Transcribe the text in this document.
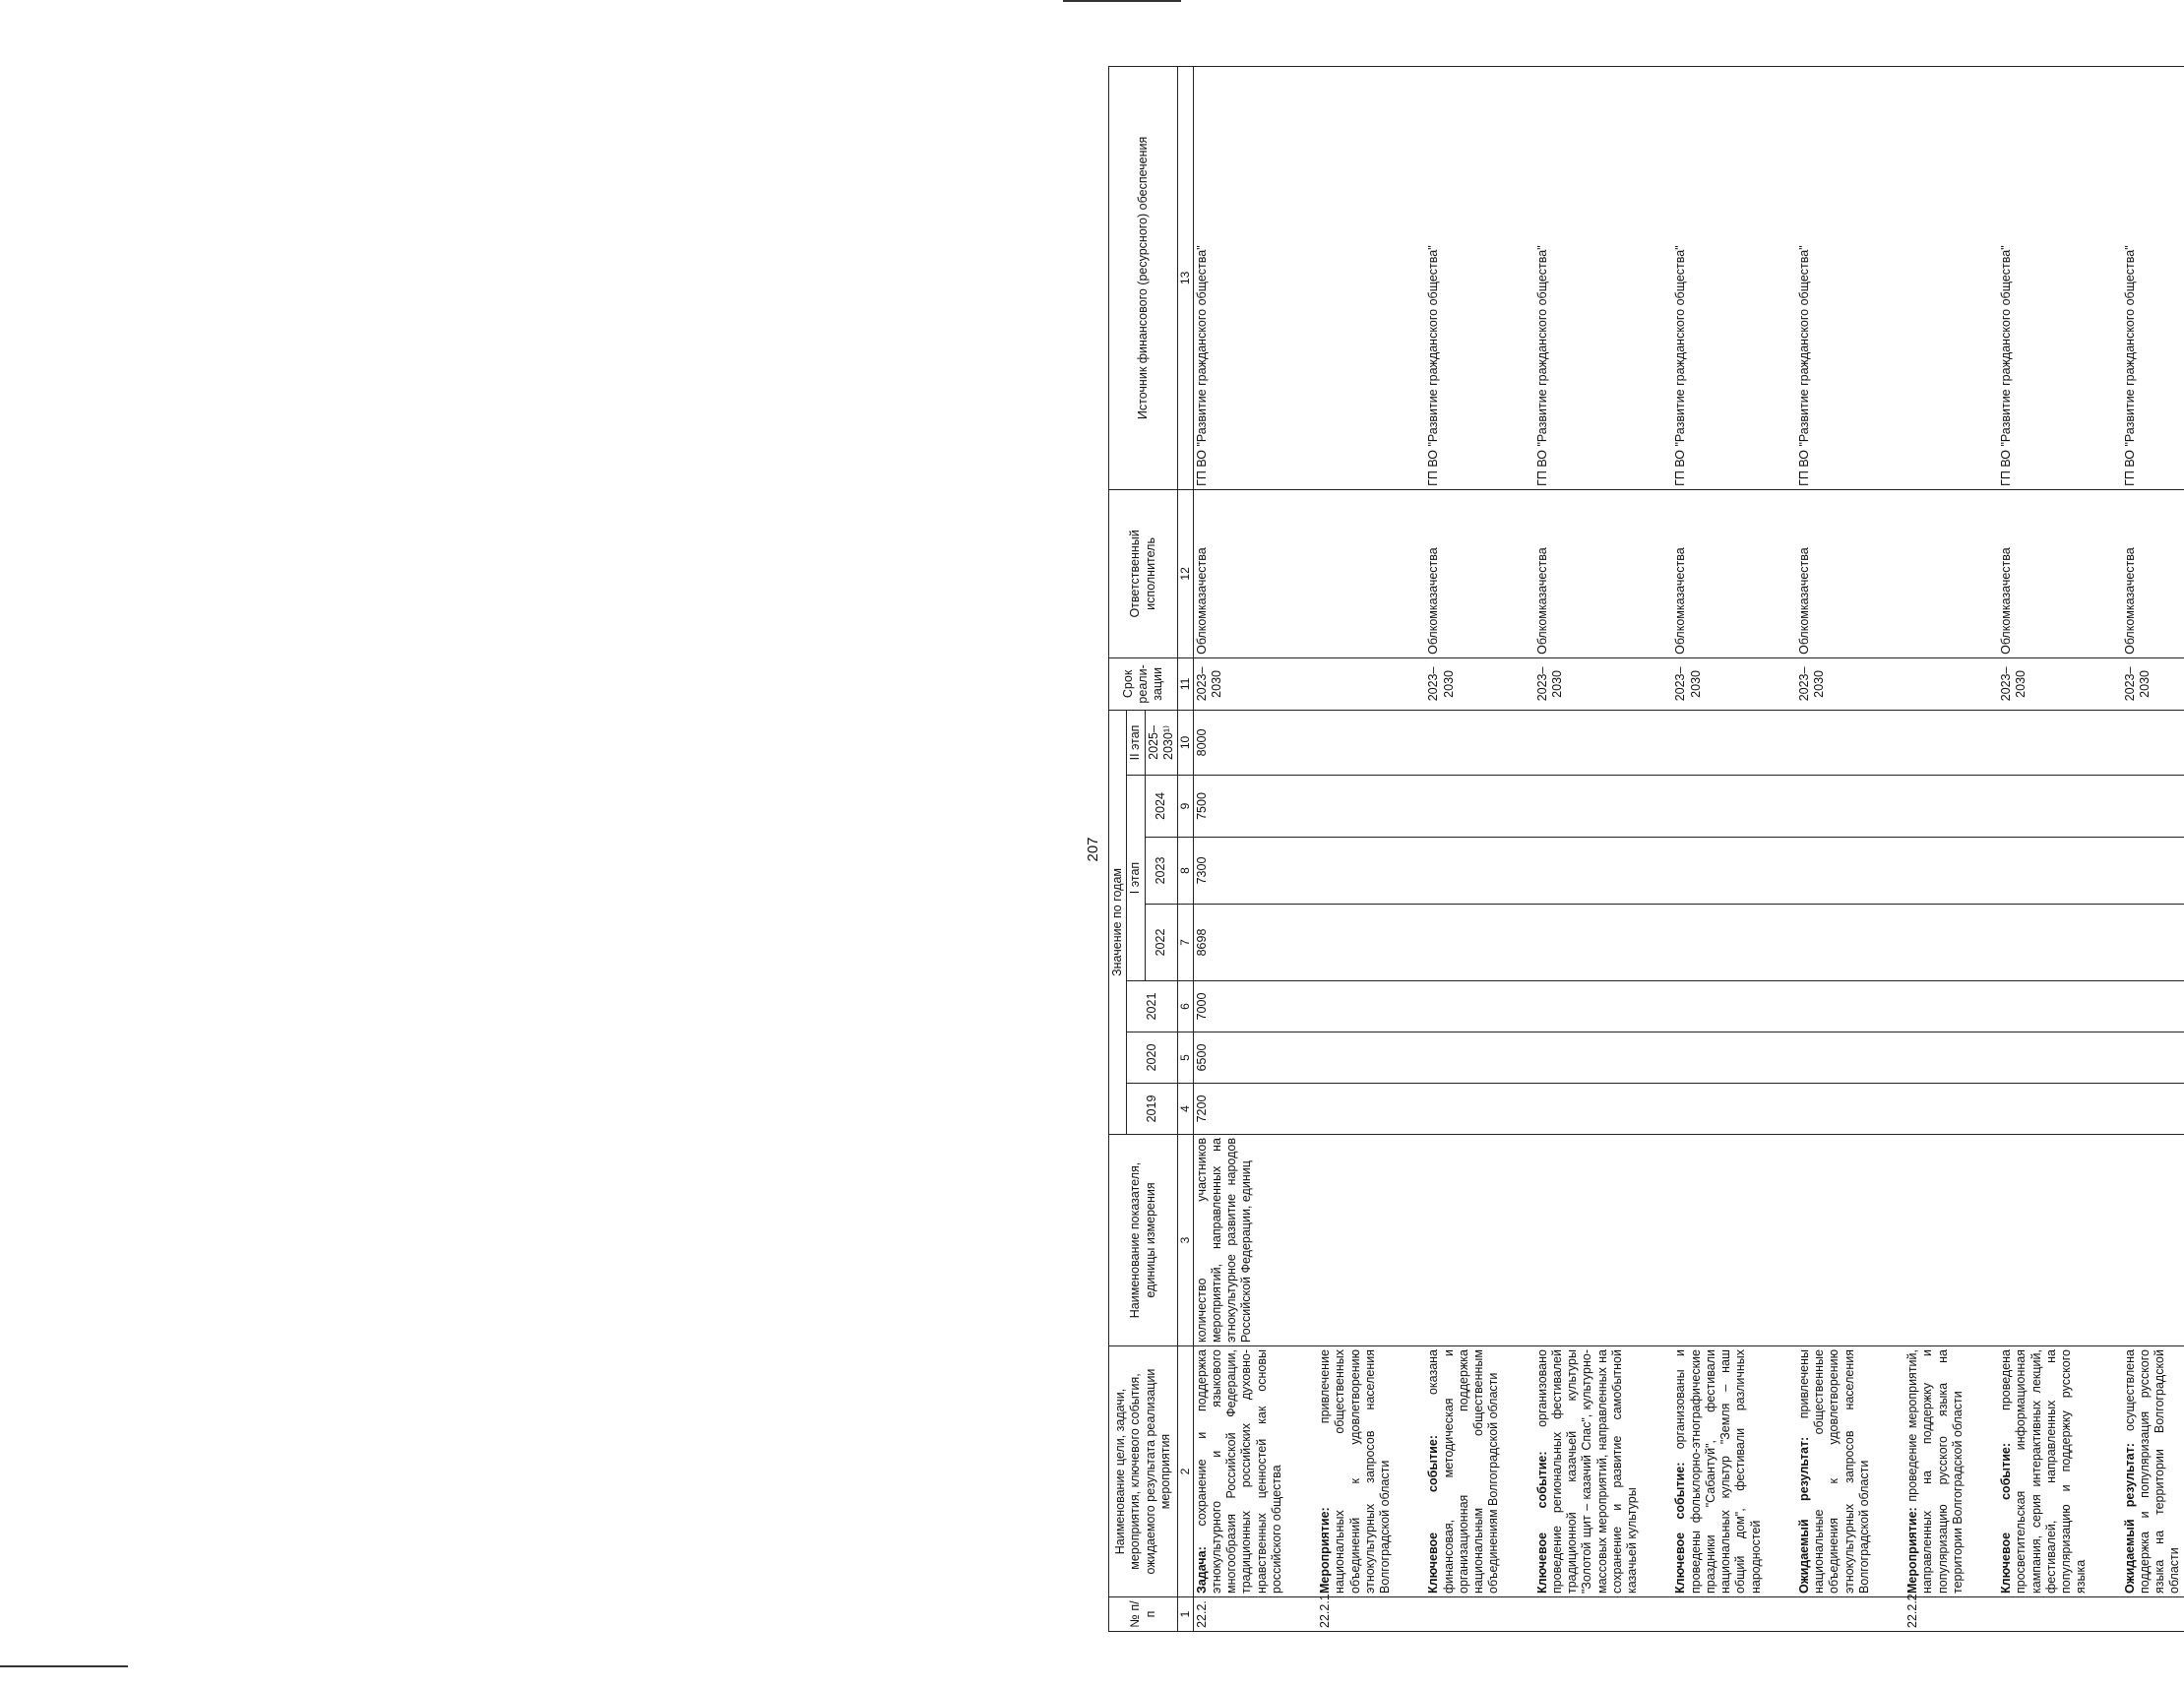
207
№ п/п	Наименование цели, задачи, мероприятия, ключевого события, ожидаемого результата реализации мероприятия	Наименование показателя, единицы измерения	Значение по годам							Срок реали-зации	Ответственный исполнитель	Источник финансового (ресурсного) обеспечения
			2019	2020	2021	I этап			II этап			
						2022	2023	2024	2025–2030¹⁾			
1	2	3	4	5	6	7	8	9	10	11	12	13
22.2.	Задача: сохранение и поддержка этнокультурного и языкового многообразия Российской Федерации, традиционных российских духовно-нравственных ценностей как основы российского общества	количество участников мероприятий, направленных на этнокультурное развитие народов Российской Федерации, единиц	7200	6500	7000	8698	7300	7500	8000	2023–2030	Облкомказачества	ГП ВО "Развитие гражданского общества"

22.2.1.	Мероприятие: привлечение национальных общественных объединений к удовлетворению этнокультурных запросов населения Волгоградской области											

	Ключевое событие: оказана финансовая, методическая и организационная поддержка национальным общественным объединениям Волгоградской области									2023–2030	Облкомказачества	ГП ВО "Развитие гражданского общества"

	Ключевое событие: организовано проведение региональных фестивалей традиционной казачьей культуры "Золотой щит – казачий Спас", культурно-массовых мероприятий, направленных на сохранение и развитие самобытной казачьей культуры									2023–2030	Облкомказачества	ГП ВО "Развитие гражданского общества"

	Ключевое событие: организованы и проведены фольклорно-этнографические праздники "Сабантуй", фестивали национальных культур "Земля – наш общий дом", фестивали различных народностей									2023–2030	Облкомказачества	ГП ВО "Развитие гражданского общества"

	Ожидаемый результат: привлечены национальные общественные объединения к удовлетворению этнокультурных запросов населения Волгоградской области									2023–2030	Облкомказачества	ГП ВО "Развитие гражданского общества"

22.2.2.	Мероприятие: проведение мероприятий, направленных на поддержку и популяризацию русского языка на территории Волгоградской области											

	Ключевое событие: проведена просветительская информационная кампания, серия интерактивных лекций, фестивалей, направленных на популяризацию и поддержку русского языка									2023–2030	Облкомказачества	ГП ВО "Развитие гражданского общества"

	Ожидаемый результат: осуществлена поддержка и популяризация русского языка на территории Волгоградской области									2023–2030	Облкомказачества	ГП ВО "Развитие гражданского общества"
